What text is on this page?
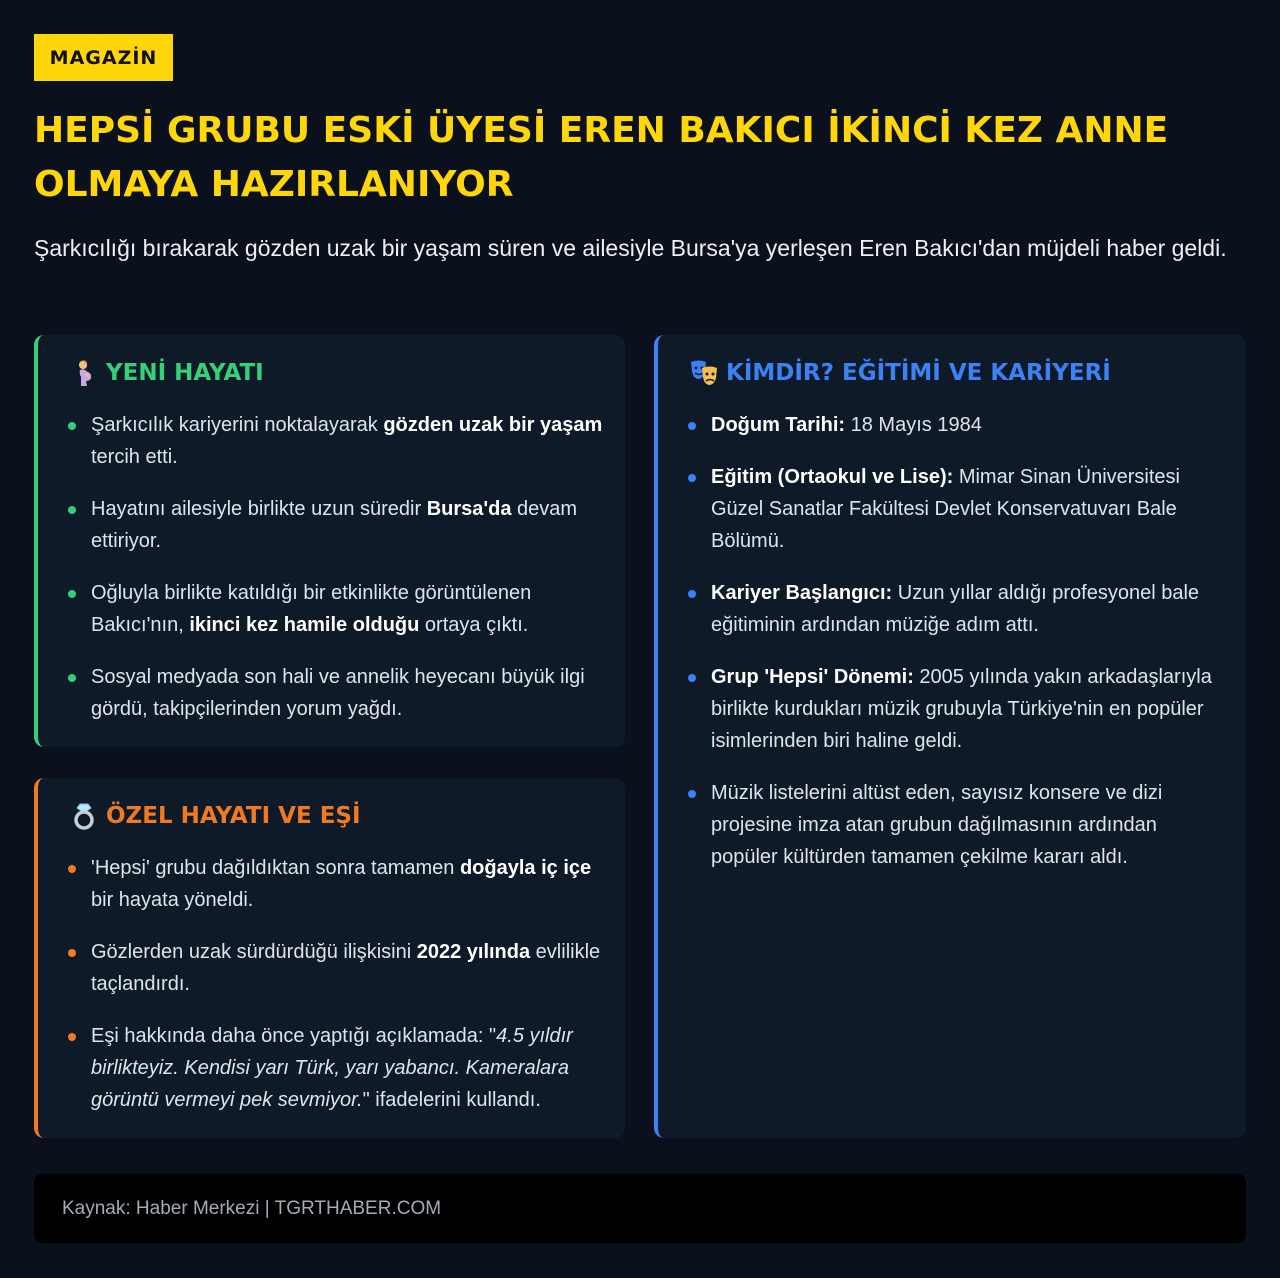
MAGAZİN
HEPSİ GRUBU ESKİ ÜYESİ EREN BAKICI İKİNCİ KEZ ANNE OLMAYA HAZIRLANIYOR

Şarkıcılığı bırakarak gözden uzak bir yaşam süren ve ailesiyle Bursa'ya yerleşen Eren Bakıcı'dan müjdeli haber geldi.

YENİ HAYATI
Şarkıcılık kariyerini noktalayarak gözden uzak bir yaşam tercih etti.
Hayatını ailesiyle birlikte uzun süredir Bursa'da devam ettiriyor.
Oğluyla birlikte katıldığı bir etkinlikte görüntülenen Bakıcı'nın, ikinci kez hamile olduğu ortaya çıktı.
Sosyal medyada son hali ve annelik heyecanı büyük ilgi gördü, takipçilerinden yorum yağdı.
ÖZEL HAYATI VE EŞİ
'Hepsi' grubu dağıldıktan sonra tamamen doğayla iç içe bir hayata yöneldi.
Gözlerden uzak sürdürdüğü ilişkisini 2022 yılında evlilikle taçlandırdı.
Eşi hakkında daha önce yaptığı açıklamada: "4.5 yıldır birlikteyiz. Kendisi yarı Türk, yarı yabancı. Kameralara görüntü vermeyi pek sevmiyor." ifadelerini kullandı.
KİMDİR? EĞİTİMİ VE KARİYERİ
Doğum Tarihi: 18 Mayıs 1984
Eğitim (Ortaokul ve Lise): Mimar Sinan Üniversitesi Güzel Sanatlar Fakültesi Devlet Konservatuvarı Bale Bölümü.
Kariyer Başlangıcı: Uzun yıllar aldığı profesyonel bale eğitiminin ardından müziğe adım attı.
Grup 'Hepsi' Dönemi: 2005 yılında yakın arkadaşlarıyla birlikte kurdukları müzik grubuyla Türkiye'nin en popüler isimlerinden biri haline geldi.
Müzik listelerini altüst eden, sayısız konsere ve dizi projesine imza atan grubun dağılmasının ardından popüler kültürden tamamen çekilme kararı aldı.
Kaynak: Haber Merkezi | TGRTHABER.COM
